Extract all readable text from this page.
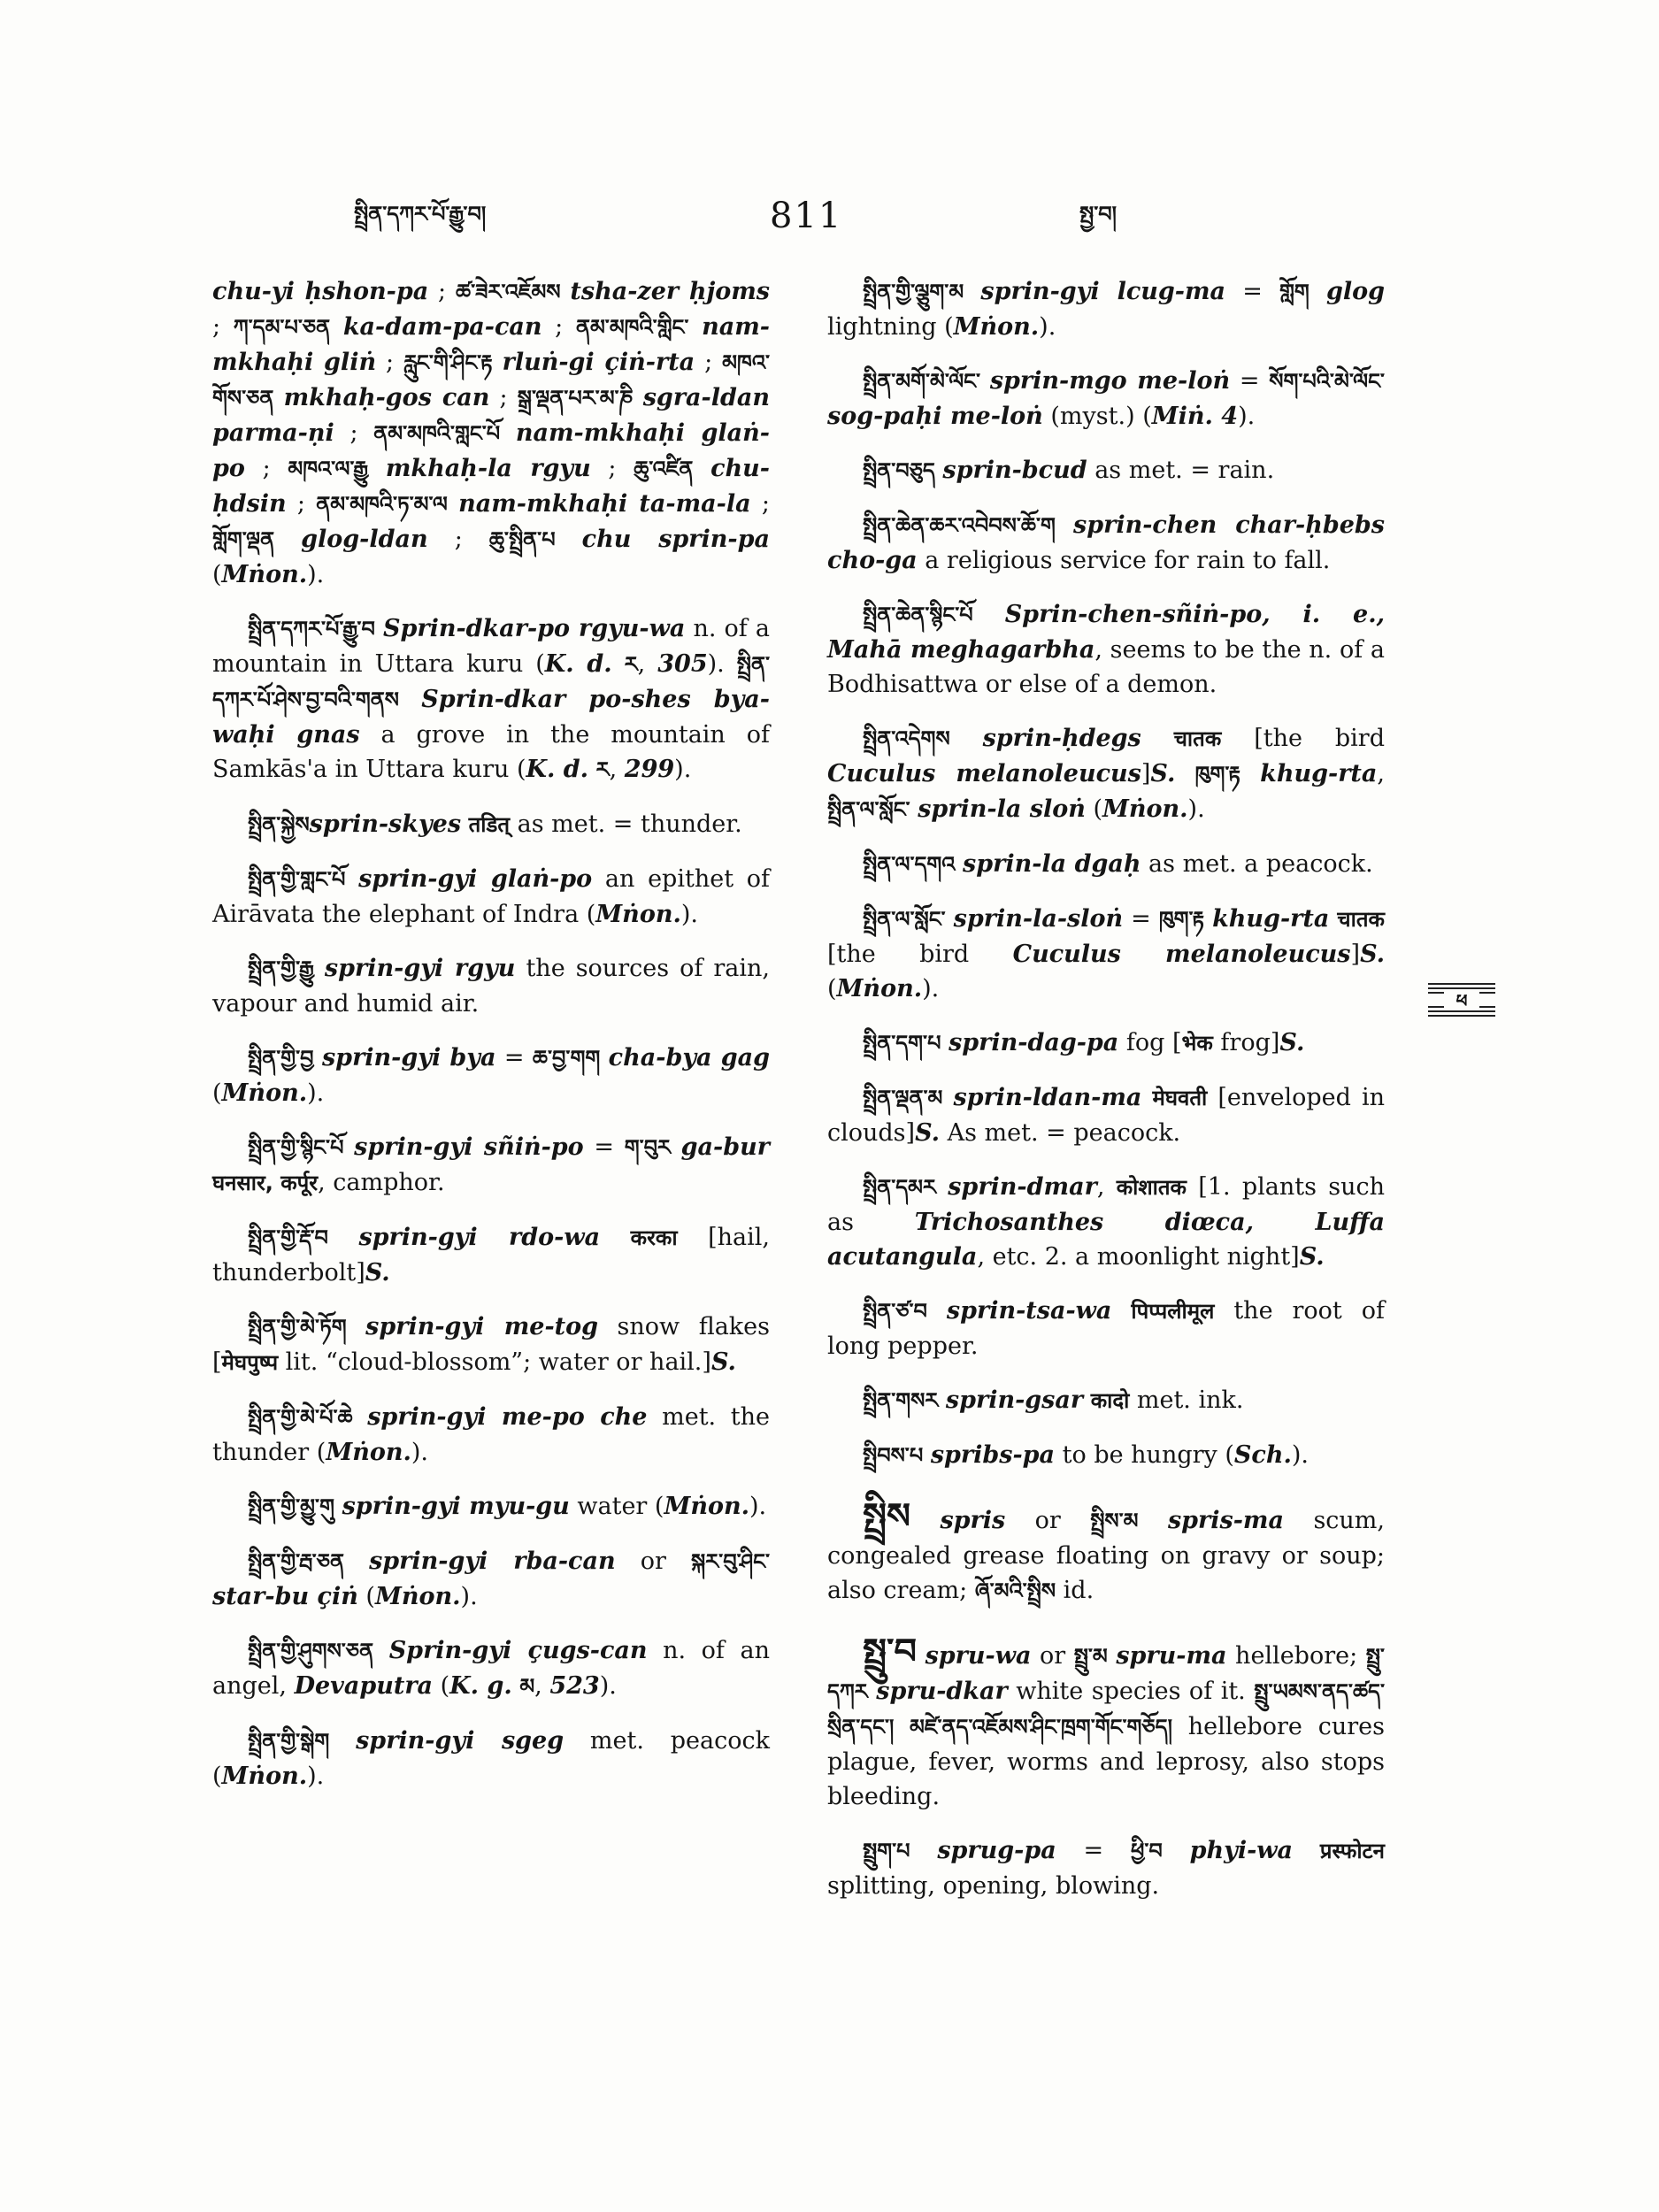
སྤྲིན་དཀར་པོ་རྒྱུ་བ།	811	སྤྱ་བ།

chu-yi ḥshon-pa ; ཚ་ཟེར་འཇོམས tsha-zer ḥjoms ; ཀ་དམ་པ་ཅན ka-dam-pa-can ; ནམ་མཁའི་གླིང་ nam-mkhaḥi gliṅ ; རླུང་གི་ཤིང་རྟ rluṅ-gi çiṅ-rta ; མཁའ་གོས་ཅན mkhaḥ-gos can ; སྒྲ་ལྡན་པར་མ་ཎི sgra-ldan parma-ṇi ; ནམ་མཁའི་གླང་པོ nam-mkhaḥi glaṅ-po ; མཁའ་ལ་རྒྱུ mkhaḥ-la rgyu ; ཆུ་འཛིན chu-ḥdsin ; ནམ་མཁའི་ཏ་མ་ལ nam-mkhaḥi ta-ma-la ; གློག་ལྡན glog-ldan ; ཆུ་སྤྲིན་པ chu sprin-pa (Mṅon.).

སྤྲིན་དཀར་པོ་རྒྱུ་བ Sprin-dkar-po rgyu-wa n. of a mountain in Uttara kuru (K. d. ར, 305). སྤྲིན་དཀར་པོ་ཤེས་བྱ་བའི་གནས Sprin-dkar po-shes bya-waḥi gnas a grove in the mountain of Samkās'a in Uttara kuru (K. d. ར, 299).

སྤྲིན་སྐྱེསsprin-skyes तडित् as met. = thunder.

སྤྲིན་གྱི་གླང་པོ sprin-gyi glaṅ-po an epithet of Airāvata the elephant of Indra (Mṅon.).

སྤྲིན་གྱི་རྒྱུ sprin-gyi rgyu the sources of rain, vapour and humid air.

སྤྲིན་གྱི་བྱ sprin-gyi bya = ཆ་བྱ་གག cha-bya gag (Mṅon.).

སྤྲིན་གྱི་སྙིང་པོ sprin-gyi sñiṅ-po = ག་བུར ga-bur घनसार, कर्पूर, camphor.

སྤྲིན་གྱི་རྡོ་བ sprin-gyi rdo-wa करका [hail, thunderbolt]S.

སྤྲིན་གྱི་མེ་ཏོག sprin-gyi me-tog snow flakes [मेघपुष्प lit. “cloud-blossom”; water or hail.]S.

སྤྲིན་གྱི་མེ་པོ་ཆེ sprin-gyi me-po che met. the thunder (Mṅon.).

སྤྲིན་གྱི་མྱུ་གུ sprin-gyi myu-gu water (Mṅon.).

སྤྲིན་གྱི་རྦ་ཅན sprin-gyi rba-can or སྐར་བུ་ཤིང་ star-bu çiṅ (Mṅon.).

སྤྲིན་གྱི་ཤུགས་ཅན Sprin-gyi çugs-can n. of an angel, Devaputra (K. g. མ, 523).

སྤྲིན་གྱི་སྒེག sprin-gyi sgeg met. peacock (Mṅon.).

སྤྲིན་གྱི་ལྕུག་མ sprin-gyi lcug-ma = གློག glog lightning (Mṅon.).

སྤྲིན་མགོ་མེ་ལོང་ sprin-mgo me-loṅ = སོག་པའི་མེ་ལོང་ sog-paḥi me-loṅ (myst.) (Miṅ. 4).

སྤྲིན་བཅུད sprin-bcud as met. = rain.

སྤྲིན་ཆེན་ཆར་འབེབས་ཆོ་ག sprin-chen char-ḥbebs cho-ga a religious service for rain to fall.

སྤྲིན་ཆེན་སྙིང་པོ Sprin-chen-sñiṅ-po, i. e., Mahā meghagarbha, seems to be the n. of a Bodhisattwa or else of a demon.

སྤྲིན་འདེགས sprin-ḥdegs चातक [the bird Cuculus melanoleucus]S. ཁུག་རྟ khug-rta, སྤྲིན་ལ་སློང་ sprin-la sloṅ (Mṅon.).

སྤྲིན་ལ་དགའ sprin-la dgaḥ as met. a peacock.

སྤྲིན་ལ་སློང་ sprin-la-sloṅ = ཁུག་རྟ khug-rta चातक [the bird Cuculus melanoleucus]S. (Mṅon.).

སྤྲིན་དག་པ sprin-dag-pa fog [भेक frog]S.

སྤྲིན་ལྡན་མ sprin-ldan-ma मेघवती [enveloped in clouds]S. As met. = peacock.

སྤྲིན་དམར sprin-dmar, कोशातक [1. plants such as Trichosanthes diœca, Luffa acutangula, etc. 2. a moonlight night]S.

སྤྲིན་ཙ་བ sprin-tsa-wa पिप्पलीमूल the root of long pepper.

སྤྲིན་གསར sprin-gsar कादो met. ink.

སྤྲིབས་པ spribs-pa to be hungry (Sch.).

སྤྲིས spris or སྤྲིས་མ spris-ma scum, congealed grease floating on gravy or soup; also cream; ཞོ་མའི་སྤྲིས id.

སྤྲུ་བ spru-wa or སྤྲུ་མ spru-ma hellebore; སྤྲུ་དཀར spru-dkar white species of it. སྤྲུ་ཡམས་ནད་ཚད་སྲིན་དང་། མཛེ་ནད་འཇོམས་ཤིང་ཁྲག་གོང་གཅོད། hellebore cures plague, fever, worms and leprosy, also stops bleeding.

སྤྲུག་པ sprug-pa = ཕྱི་བ phyi-wa प्रस्फोटन splitting, opening, blowing.

ཕ
